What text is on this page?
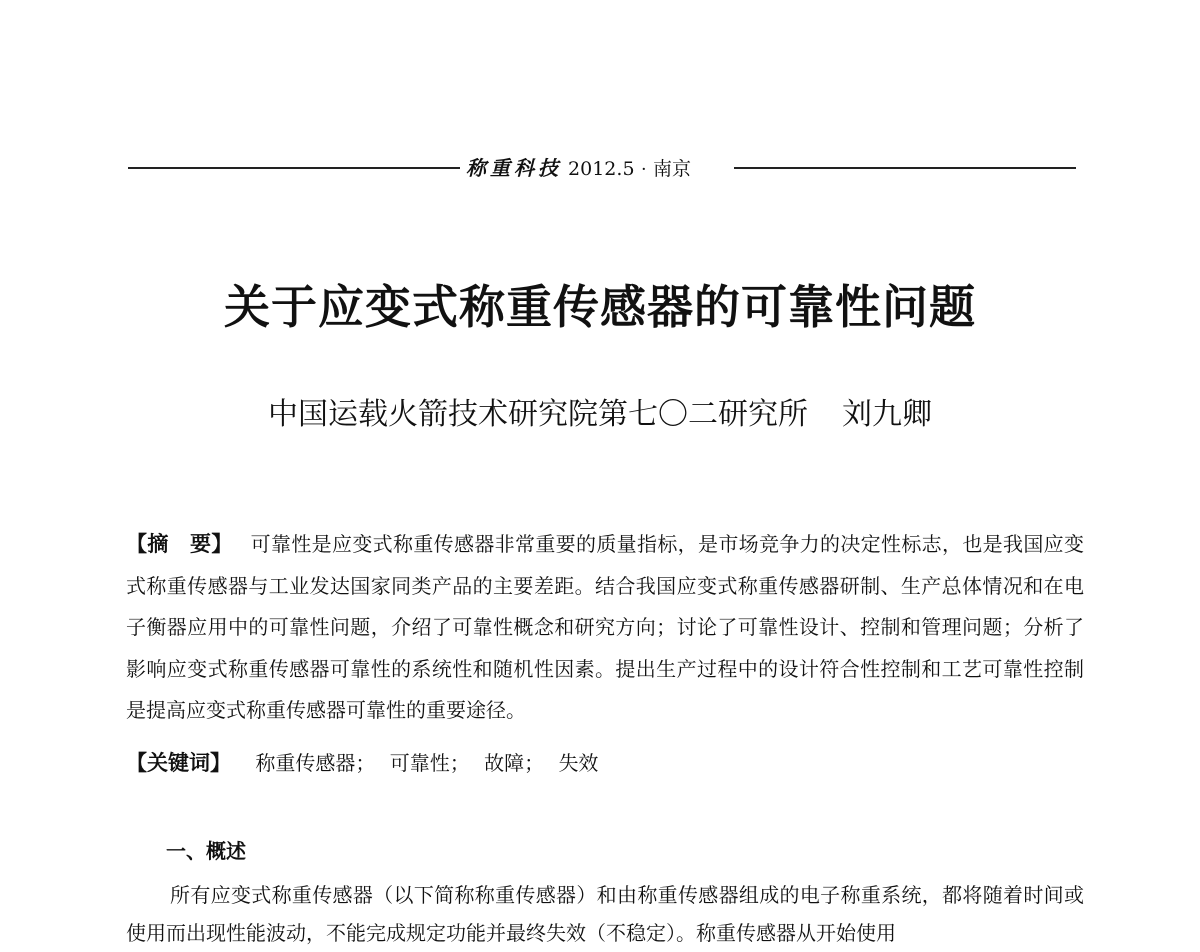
称重科技 2012.5 · 南京
关于应变式称重传感器的可靠性问题
中国运载火箭技术研究院第七〇二研究所 刘九卿
【摘　要】 可靠性是应变式称重传感器非常重要的质量指标，是市场竞争力的决定性标志，也是我国应变式称重传感器与工业发达国家同类产品的主要差距。结合我国应变式称重传感器研制、生产总体情况和在电子衡器应用中的可靠性问题，介绍了可靠性概念和研究方向；讨论了可靠性设计、控制和管理问题；分析了影响应变式称重传感器可靠性的系统性和随机性因素。提出生产过程中的设计符合性控制和工艺可靠性控制是提高应变式称重传感器可靠性的重要途径。
【关键词】 称重传感器； 可靠性； 故障； 失效
一、概述
所有应变式称重传感器（以下简称称重传感器）和由称重传感器组成的电子称重系统，都将随着时间或使用而出现性能波动，不能完成规定功能并最终失效（不稳定）。称重传感器从开始使用
